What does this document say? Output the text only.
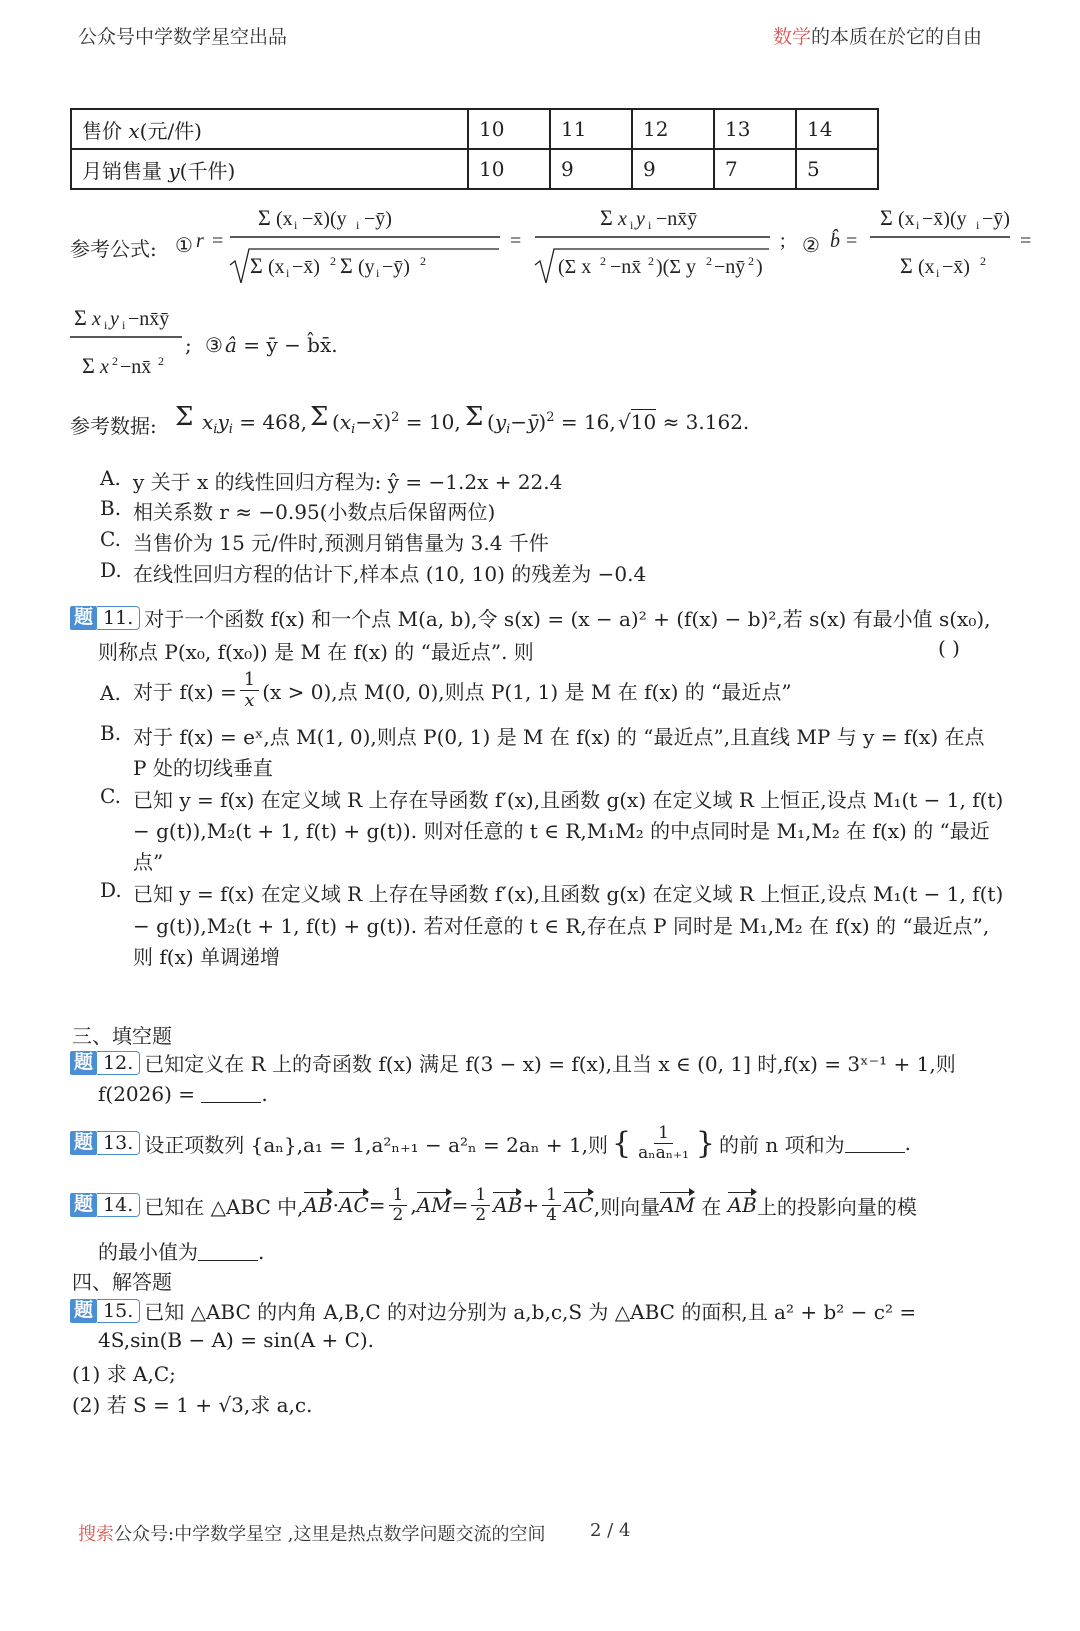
公众号中学数学星空出品	数学的本质在於它的自由
售价 x(元/件)	10	11	12	13	14
月销售量 y(千件)	10	9	9	7	5
参考公式: ① r =
Σ (x i −x̄)(y i −ȳ)
Σ (x i −x̄) 2 Σ (y i −ȳ) 2
=
Σ x i y i −nx̄ȳ
(Σ x 2 −nx̄ 2 )(Σ y 2 −nȳ 2 )
; b̂ =
Σ (x i −x̄)(y i −ȳ)
Σ (x i −x̄) 2
=
②
Σ x i y i −nx̄ȳ
Σ x 2 −nx̄ 2
; ③ â = ȳ − b̂x̄.
参考数据: Σ $x_iy_i = 468$, Σ $(x_i-x̄)^2 = 10$, Σ $(y_i-ȳ)^2 = 16$, √10 ≈ 3.162.
A. y 关于 x 的线性回归方程为: ŷ = −1.2x + 22.4
B. 相关系数 r ≈ −0.95(小数点后保留两位)
C. 当售价为 15 元/件时,预测月销售量为 3.4 千件
D. 在线性回归方程的估计下,样本点 (10, 10) 的残差为 −0.4
题 11. 对于一个函数 f(x) 和一个点 M(a, b),令 s(x) = (x − a)² + (f(x) − b)²,若 s(x) 有最小值 s(x₀),
则称点 P(x₀, f(x₀)) 是 M 在 f(x) 的 “最近点”. 则	( )
A. 对于 $f(x) = \frac{1}{x} (x > 0)$,点 M(0, 0),则点 P(1, 1) 是 M 在 f(x) 的 “最近点”
B. 对于 f(x) = eˣ,点 M(1, 0),则点 P(0, 1) 是 M 在 f(x) 的 “最近点”,且直线 MP 与 y = f(x) 在点
P 处的切线垂直
C. 已知 y = f(x) 在定义域 R 上存在导函数 f′(x),且函数 g(x) 在定义域 R 上恒正,设点 M₁(t − 1, f(t)
− g(t)),M₂(t + 1, f(t) + g(t)). 则对任意的 t ∈ R,M₁M₂ 的中点同时是 M₁,M₂ 在 f(x) 的 “最近
点”
D. 已知 y = f(x) 在定义域 R 上存在导函数 f′(x),且函数 g(x) 在定义域 R 上恒正,设点 M₁(t − 1, f(t)
− g(t)),M₂(t + 1, f(t) + g(t)). 若对任意的 t ∈ R,存在点 P 同时是 M₁,M₂ 在 f(x) 的 “最近点”,
则 f(x) 单调递增
三、填空题
题 12. 已知定义在 R 上的奇函数 f(x) 满足 f(3 − x) = f(x),且当 x ∈ (0, 1] 时,f(x) = 3ˣ⁻¹ + 1,则
f(2026) =	.
题 13. 设正项数列 {aₙ},a₁ = 1,a²ₙ₊₁ − a²ₙ = 2aₙ + 1,则 { $\frac{1}{\text{aₙaₙ₊₁}}$ } 的前 n 项和为	.
题 14. 已知在 △ABC 中, AB · AC = $\frac{1}{2}$ , AM = $\frac{1}{2}$ AB + $\frac{1}{4}$ AC ,则向量 AM
在
AB 上的投影向量的模
的最小值为	.
四、解答题
题 15. 已知 △ABC 的内角 A,B,C 的对边分别为 a,b,c,S 为 △ABC 的面积,且 a² + b² − c² =
4S,sin(B − A) = sin(A + C).
(1) 求 A,C;
(2) 若 S = 1 + √3,求 a,c.
搜索公众号:中学数学星空 ,这里是热点数学问题交流的空间 2 / 4
